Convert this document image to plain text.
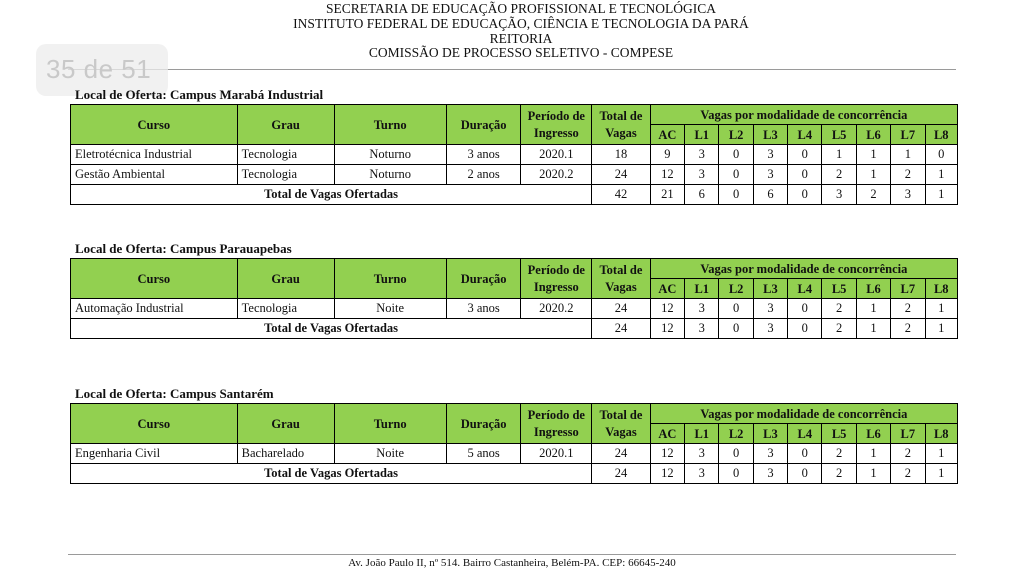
SECRETARIA DE EDUCAÇÃO PROFISSIONAL E TECNOLÓGICA
INSTITUTO FEDERAL DE EDUCAÇÃO, CIÊNCIA E TECNOLOGIA DA PARÁ
REITORIA
COMISSÃO DE PROCESSO SELETIVO - COMPESE
35 de 51
Local de Oferta: Campus Marabá Industrial
Curso	Grau	Turno	Duração	Período de Ingresso	Total de Vagas	Vagas por modalidade de concorrência								
						AC	L1	L2	L3	L4	L5	L6	L7	L8
Eletrotécnica Industrial	Tecnologia	Noturno	3 anos	2020.1	18	9	3	0	3	0	1	1	1	0
Gestão Ambiental	Tecnologia	Noturno	2 anos	2020.2	24	12	3	0	3	0	2	1	2	1
Total de Vagas Ofertadas					42	21	6	0	6	0	3	2	3	1
Local de Oferta: Campus Parauapebas
Curso	Grau	Turno	Duração	Período de Ingresso	Total de Vagas	Vagas por modalidade de concorrência								
						AC	L1	L2	L3	L4	L5	L6	L7	L8
Automação Industrial	Tecnologia	Noite	3 anos	2020.2	24	12	3	0	3	0	2	1	2	1
Total de Vagas Ofertadas					24	12	3	0	3	0	2	1	2	1
Local de Oferta: Campus Santarém
Curso	Grau	Turno	Duração	Período de Ingresso	Total de Vagas	Vagas por modalidade de concorrência								
						AC	L1	L2	L3	L4	L5	L6	L7	L8
Engenharia Civil	Bacharelado	Noite	5 anos	2020.1	24	12	3	0	3	0	2	1	2	1
Total de Vagas Ofertadas					24	12	3	0	3	0	2	1	2	1
Av. João Paulo II, nº 514. Bairro Castanheira, Belém-PA. CEP: 66645-240
